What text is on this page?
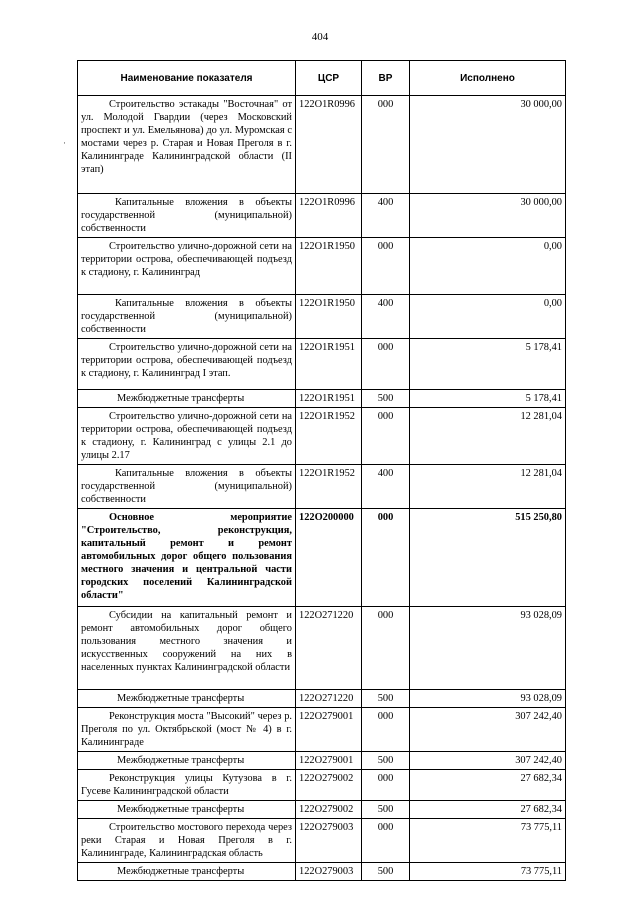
404
·
Наименование показателя	ЦСР	ВР	Исполнено
Строительство эстакады "Восточная" от ул. Молодой Гвардии (через Московский проспект и ул. Емельянова) до ул. Муромская с мостами через р. Старая и Новая Преголя в г. Калининграде Калининградской области (II этап)	122O1R0996	000	30 000,00
Капитальные вложения в объекты государственной (муниципальной) собственности	122O1R0996	400	30 000,00
Строительство улично-дорожной сети на территории острова, обеспечивающей подъезд к стадиону, г. Калининград	122O1R1950	000	0,00
Капитальные вложения в объекты государственной (муниципальной) собственности	122O1R1950	400	0,00
Строительство улично-дорожной сети на территории острова, обеспечивающей подъезд к стадиону, г. Калининград I этап.	122O1R1951	000	5 178,41
Межбюджетные трансферты	122O1R1951	500	5 178,41
Строительство улично-дорожной сети на территории острова, обеспечивающей подъезд к стадиону, г. Калининград с улицы 2.1 до улицы 2.17	122O1R1952	000	12 281,04
Капитальные вложения в объекты государственной (муниципальной) собственности	122O1R1952	400	12 281,04
Основное мероприятие "Строительство, реконструкция, капитальный ремонт и ремонт автомобильных дорог общего пользования местного значения и центральной части городских поселений Калининградской области"	122O200000	000	515 250,80
Субсидии на капитальный ремонт и ремонт автомобильных дорог общего пользования местного значения и искусственных сооружений на них в населенных пунктах Калининградской области	122O271220	000	93 028,09
Межбюджетные трансферты	122O271220	500	93 028,09
Реконструкция моста "Высокий" через р. Преголя по ул. Октябрьской (мост № 4) в г. Калининграде	122O279001	000	307 242,40
Межбюджетные трансферты	122O279001	500	307 242,40
Реконструкция улицы Кутузова в г. Гусеве Калининградской области	122O279002	000	27 682,34
Межбюджетные трансферты	122O279002	500	27 682,34
Строительство мостового перехода через реки Старая и Новая Преголя в г. Калининграде, Калининградская область	122O279003	000	73 775,11
Межбюджетные трансферты	122O279003	500	73 775,11
